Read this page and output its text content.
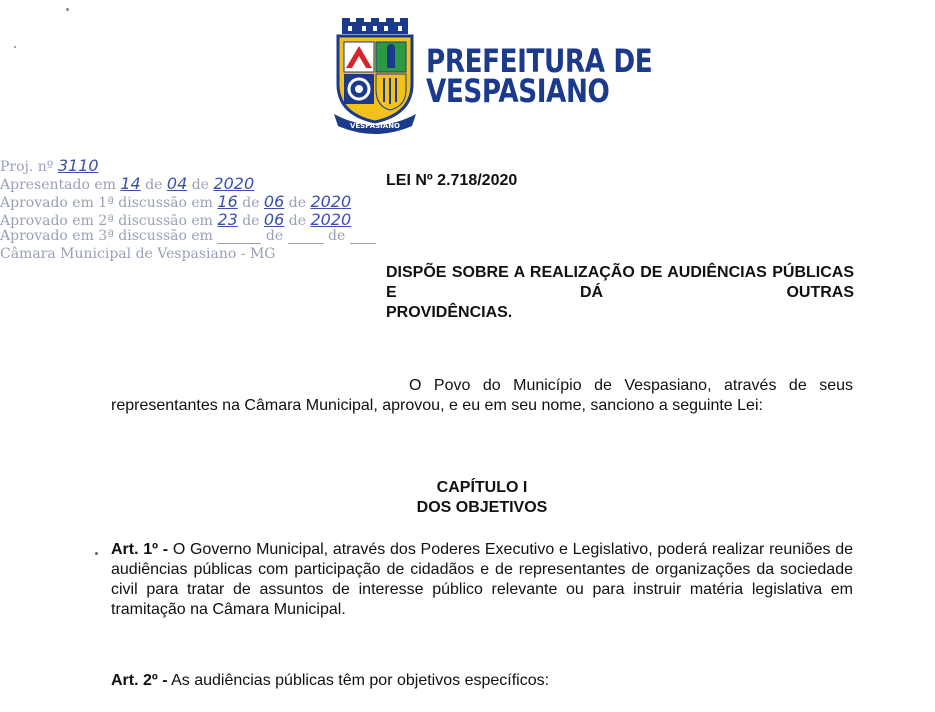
VESPASIANO
PREFEITURA DE
VESPASIANO
Proj. nº 3110
Apresentado em 14 de 04 de 2020
Aprovado em 1ª discussão em 16 de 06 de 2020
Aprovado em 2ª discussão em 23 de 06 de 2020
Aprovado em 3ª discussão em	de	de
Câmara Municipal de Vespasiano - MG
LEI Nº 2.718/2020
DISPÕE SOBRE A REALIZAÇÃO DE AUDIÊNCIAS PÚBLICAS E DÁ OUTRAS
PROVIDÊNCIAS.
O Povo do Município de Vespasiano, através de seus representantes na Câmara Municipal, aprovou, e eu em seu nome, sanciono a seguinte Lei:
CAPÍTULO I
DOS OBJETIVOS
Art. 1º - O Governo Municipal, através dos Poderes Executivo e Legislativo, poderá realizar reuniões de audiências públicas com participação de cidadãos e de representantes de organizações da sociedade civil para tratar de assuntos de interesse público relevante ou para instruir matéria legislativa em tramitação na Câmara Municipal.
Art. 2º - As audiências públicas têm por objetivos específicos:
